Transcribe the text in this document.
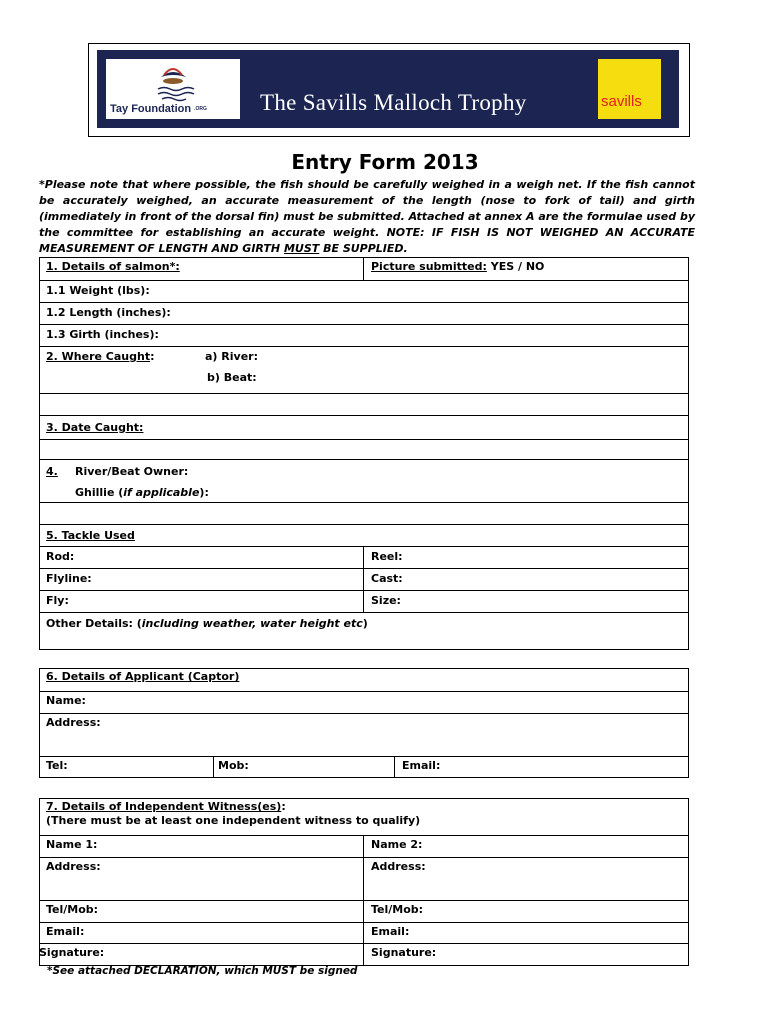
Tay Foundation .ORG The Savills Malloch Trophy	savills
Entry Form 2013
*Please note that where possible, the fish should be carefully weighed in a weigh net. If the fish cannot be accurately weighed, an accurate measurement of the length (nose to fork of tail) and girth (immediately in front of the dorsal fin) must be submitted. Attached at annex A are the formulae used by the committee for establishing an accurate weight. NOTE: IF FISH IS NOT WEIGHED AN ACCURATE MEASUREMENT OF LENGTH AND GIRTH MUST BE SUPPLIED.
1. Details of salmon*:	Picture submitted: YES / NO
1.1 Weight (lbs):
1.2 Length (inches):
1.3 Girth (inches):
2. Where Caught:	a) River:
b) Beat:
3. Date Caught:
4. River/Beat Owner:
Ghillie (if applicable):
5. Tackle Used
Rod:	Reel:
Flyline:	Cast:
Fly:	Size:
Other Details: (including weather, water height etc)
6. Details of Applicant (Captor)
Name:
Address:
Tel:	Mob:	Email:
7. Details of Independent Witness(es):
(There must be at least one independent witness to qualify)
Name 1:	Name 2:
Address:	Address:
Tel/Mob:	Tel/Mob:
Email:	Email:
Signature:	Signature:
*See attached DECLARATION, which MUST be signed
